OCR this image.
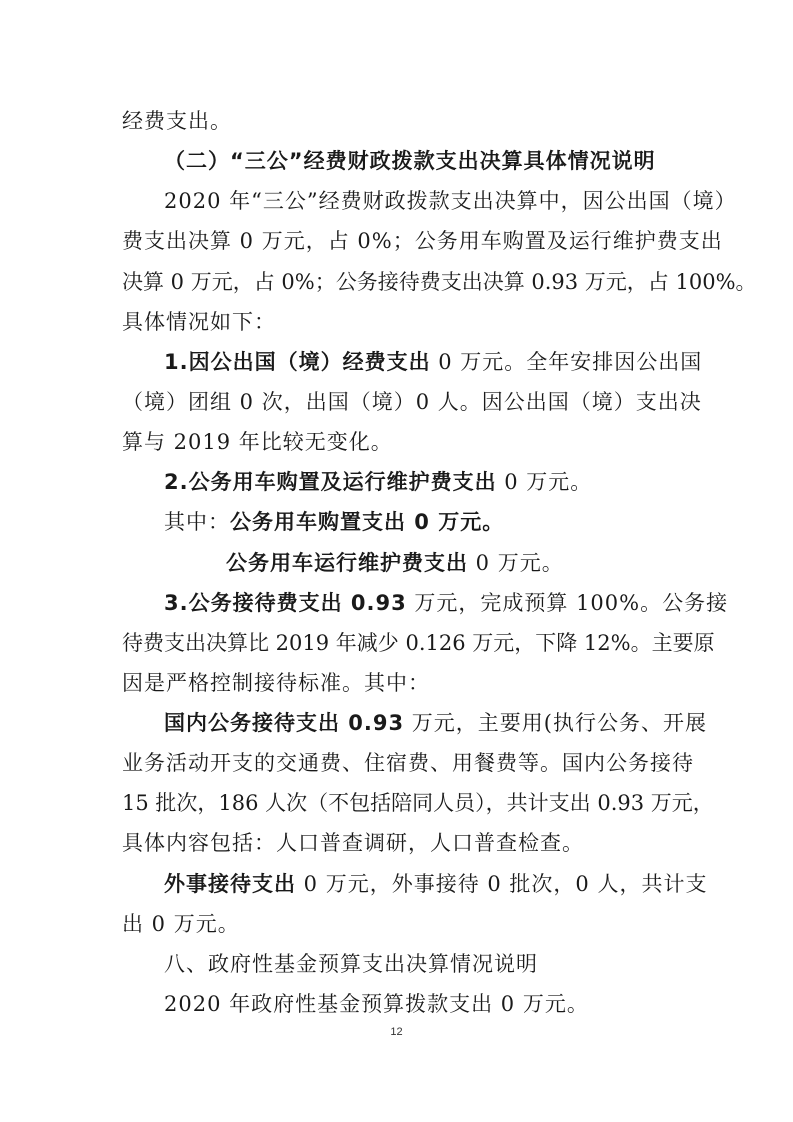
经费支出。
（二）“三公”经费财政拨款支出决算具体情况说明
2020 年“三公”经费财政拨款支出决算中，因公出国（境）
费支出决算 0 万元，占 0%；公务用车购置及运行维护费支出
决算 0 万元，占 0%；公务接待费支出决算 0.93 万元，占 100%。
具体情况如下：
1.因公出国（境）经费支出 0 万元。全年安排因公出国
（境）团组 0 次，出国（境）0 人。因公出国（境）支出决
算与 2019 年比较无变化。
2.公务用车购置及运行维护费支出 0 万元。
其中：公务用车购置支出 0 万元。
公务用车运行维护费支出 0 万元。
3.公务接待费支出 0.93 万元，完成预算 100%。公务接
待费支出决算比 2019 年减少 0.126 万元，下降 12%。主要原
因是严格控制接待标准。其中：
国内公务接待支出 0.93 万元，主要用(执行公务、开展
业务活动开支的交通费、住宿费、用餐费等。国内公务接待
15 批次，186 人次（不包括陪同人员），共计支出 0.93 万元，
具体内容包括：人口普查调研，人口普查检查。
外事接待支出 0 万元，外事接待 0 批次，0 人，共计支
出 0 万元。
八、政府性基金预算支出决算情况说明
2020 年政府性基金预算拨款支出 0 万元。
12
